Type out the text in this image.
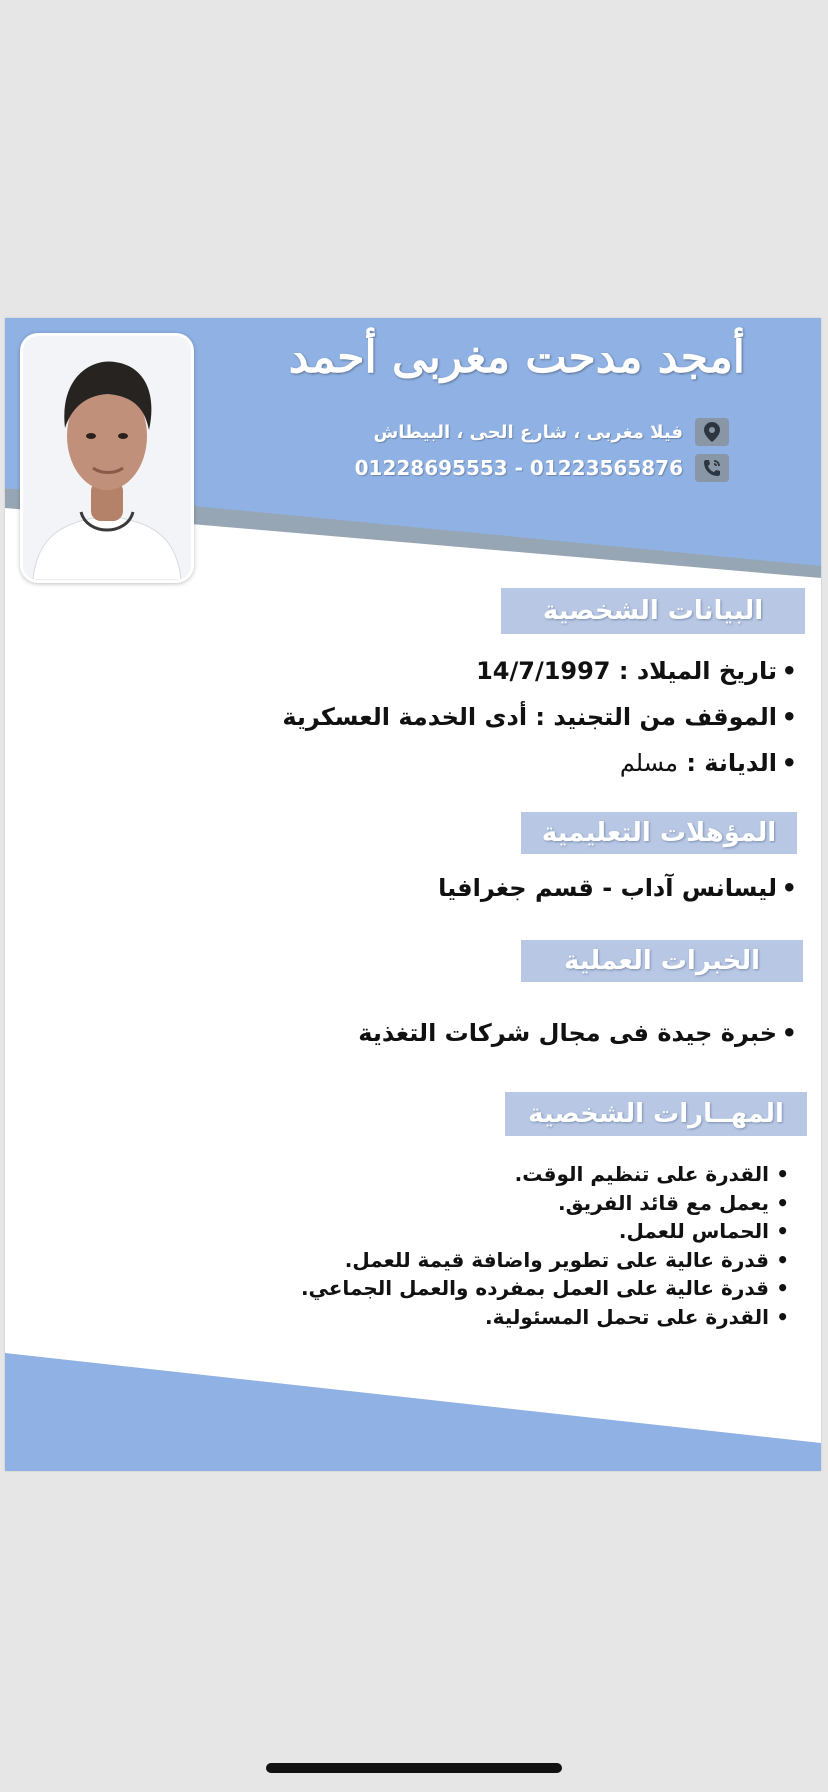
أمجد مدحت مغربى أحمد
فيلا مغربى ، شارع الحى ، البيطاش
01223565876 - 01228695553
البيانات الشخصية
• تاريخ الميلاد : 14/7/1997
• الموقف من التجنيد : أدى الخدمة العسكرية
• الديانة : مسلم
المؤهلات التعليمية
• ليسانس آداب - قسم جغرافيا
الخبرات العملية
• خبرة جيدة فى مجال شركات التغذية
المهــارات الشخصية
• القدرة على تنظيم الوقت.
• يعمل مع قائد الفريق.
• الحماس للعمل.
• قدرة عالية على تطوير واضافة قيمة للعمل.
• قدرة عالية على العمل بمفرده والعمل الجماعي.
• القدرة على تحمل المسئولية.
